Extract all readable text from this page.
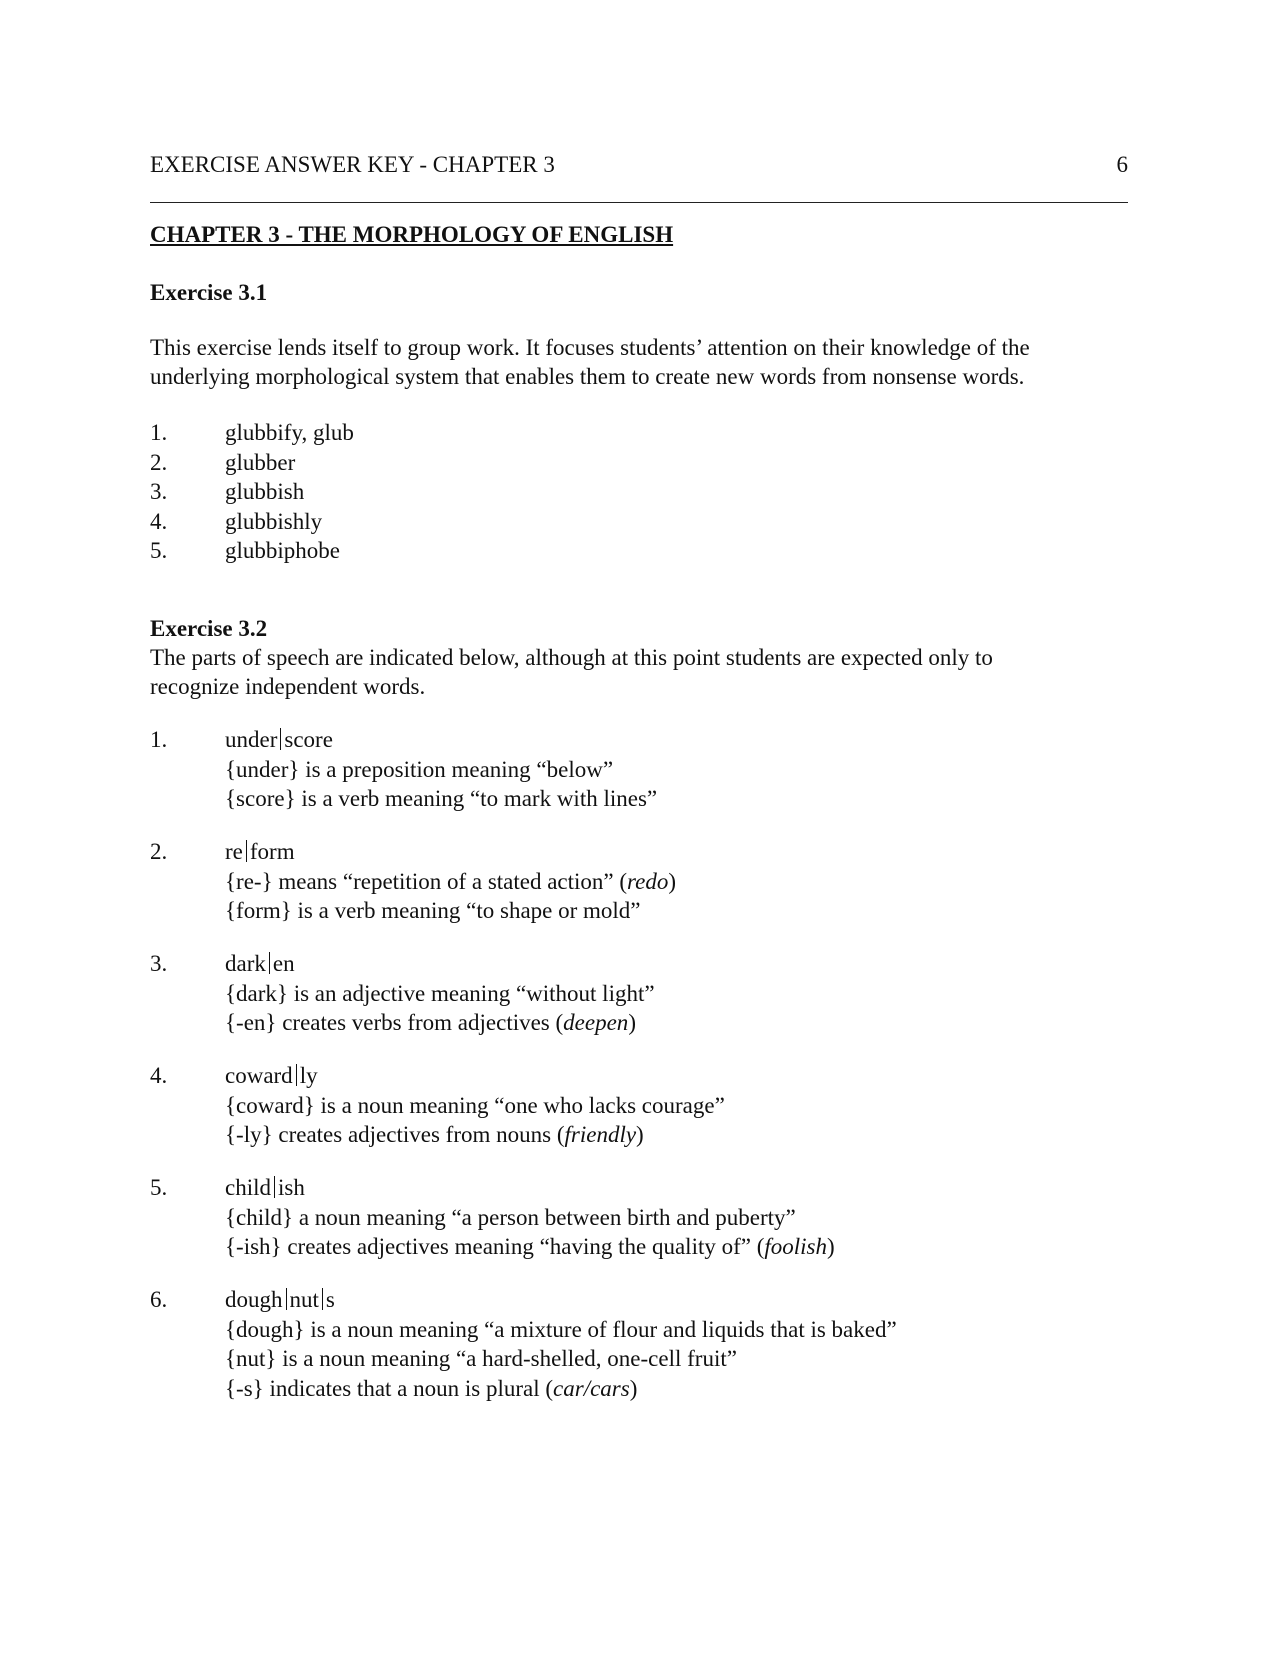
EXERCISE ANSWER KEY - CHAPTER 3	6
CHAPTER 3 - THE MORPHOLOGY OF ENGLISH
Exercise 3.1
This exercise lends itself to group work. It focuses students’ attention on their knowledge of the
underlying morphological system that enables them to create new words from nonsense words.
1.	glubbify, glub
2.	glubber
3.	glubbish
4.	glubbishly
5.	glubbiphobe
Exercise 3.2
The parts of speech are indicated below, although at this point students are expected only to
recognize independent words.
1.	under score
{under} is a preposition meaning “below”
{score} is a verb meaning “to mark with lines”
2.	re form
{re-} means “repetition of a stated action” (redo)
{form} is a verb meaning “to shape or mold”
3.	dark en
{dark} is an adjective meaning “without light”
{-en} creates verbs from adjectives (deepen)
4.	coward ly
{coward} is a noun meaning “one who lacks courage”
{-ly} creates adjectives from nouns (friendly)
5.	child ish
{child} a noun meaning “a person between birth and puberty”
{-ish} creates adjectives meaning “having the quality of” (foolish)
6.	dough nut s
{dough} is a noun meaning “a mixture of flour and liquids that is baked”
{nut} is a noun meaning “a hard-shelled, one-cell fruit”
{-s} indicates that a noun is plural (car/cars)
